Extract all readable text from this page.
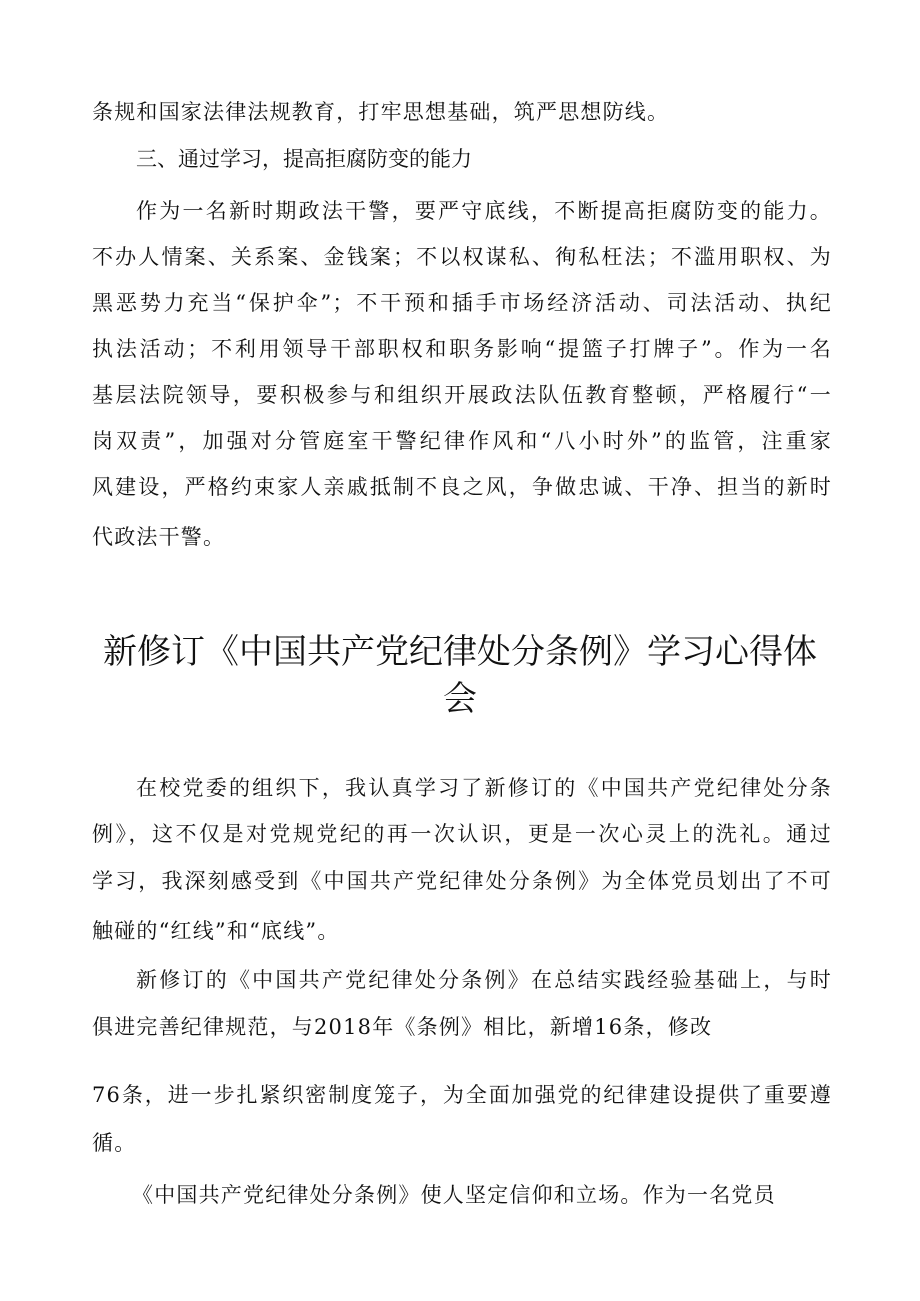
条规和国家法律法规教育，打牢思想基础，筑严思想防线。
三、通过学习，提高拒腐防变的能力
作为一名新时期政法干警，要严守底线，不断提高拒腐防变的能力。
不办人情案、关系案、金钱案；不以权谋私、徇私枉法；不滥用职权、为
黑恶势力充当“保护伞”；不干预和插手市场经济活动、司法活动、执纪
执法活动；不利用领导干部职权和职务影响“提篮子打牌子”。作为一名
基层法院领导，要积极参与和组织开展政法队伍教育整顿，严格履行“一
岗双责”，加强对分管庭室干警纪律作风和“八小时外”的监管，注重家
风建设，严格约束家人亲戚抵制不良之风，争做忠诚、干净、担当的新时
代政法干警。
新修订《中国共产党纪律处分条例》学习心得体
会
在校党委的组织下，我认真学习了新修订的《中国共产党纪律处分条
例》，这不仅是对党规党纪的再一次认识，更是一次心灵上的洗礼。通过
学习，我深刻感受到《中国共产党纪律处分条例》为全体党员划出了不可
触碰的“红线”和“底线”。
新修订的《中国共产党纪律处分条例》在总结实践经验基础上，与时
俱进完善纪律规范，与2018年《条例》相比，新增16条，修改
76条，进一步扎紧织密制度笼子，为全面加强党的纪律建设提供了重要遵
循。
《中国共产党纪律处分条例》使人坚定信仰和立场。作为一名党员
